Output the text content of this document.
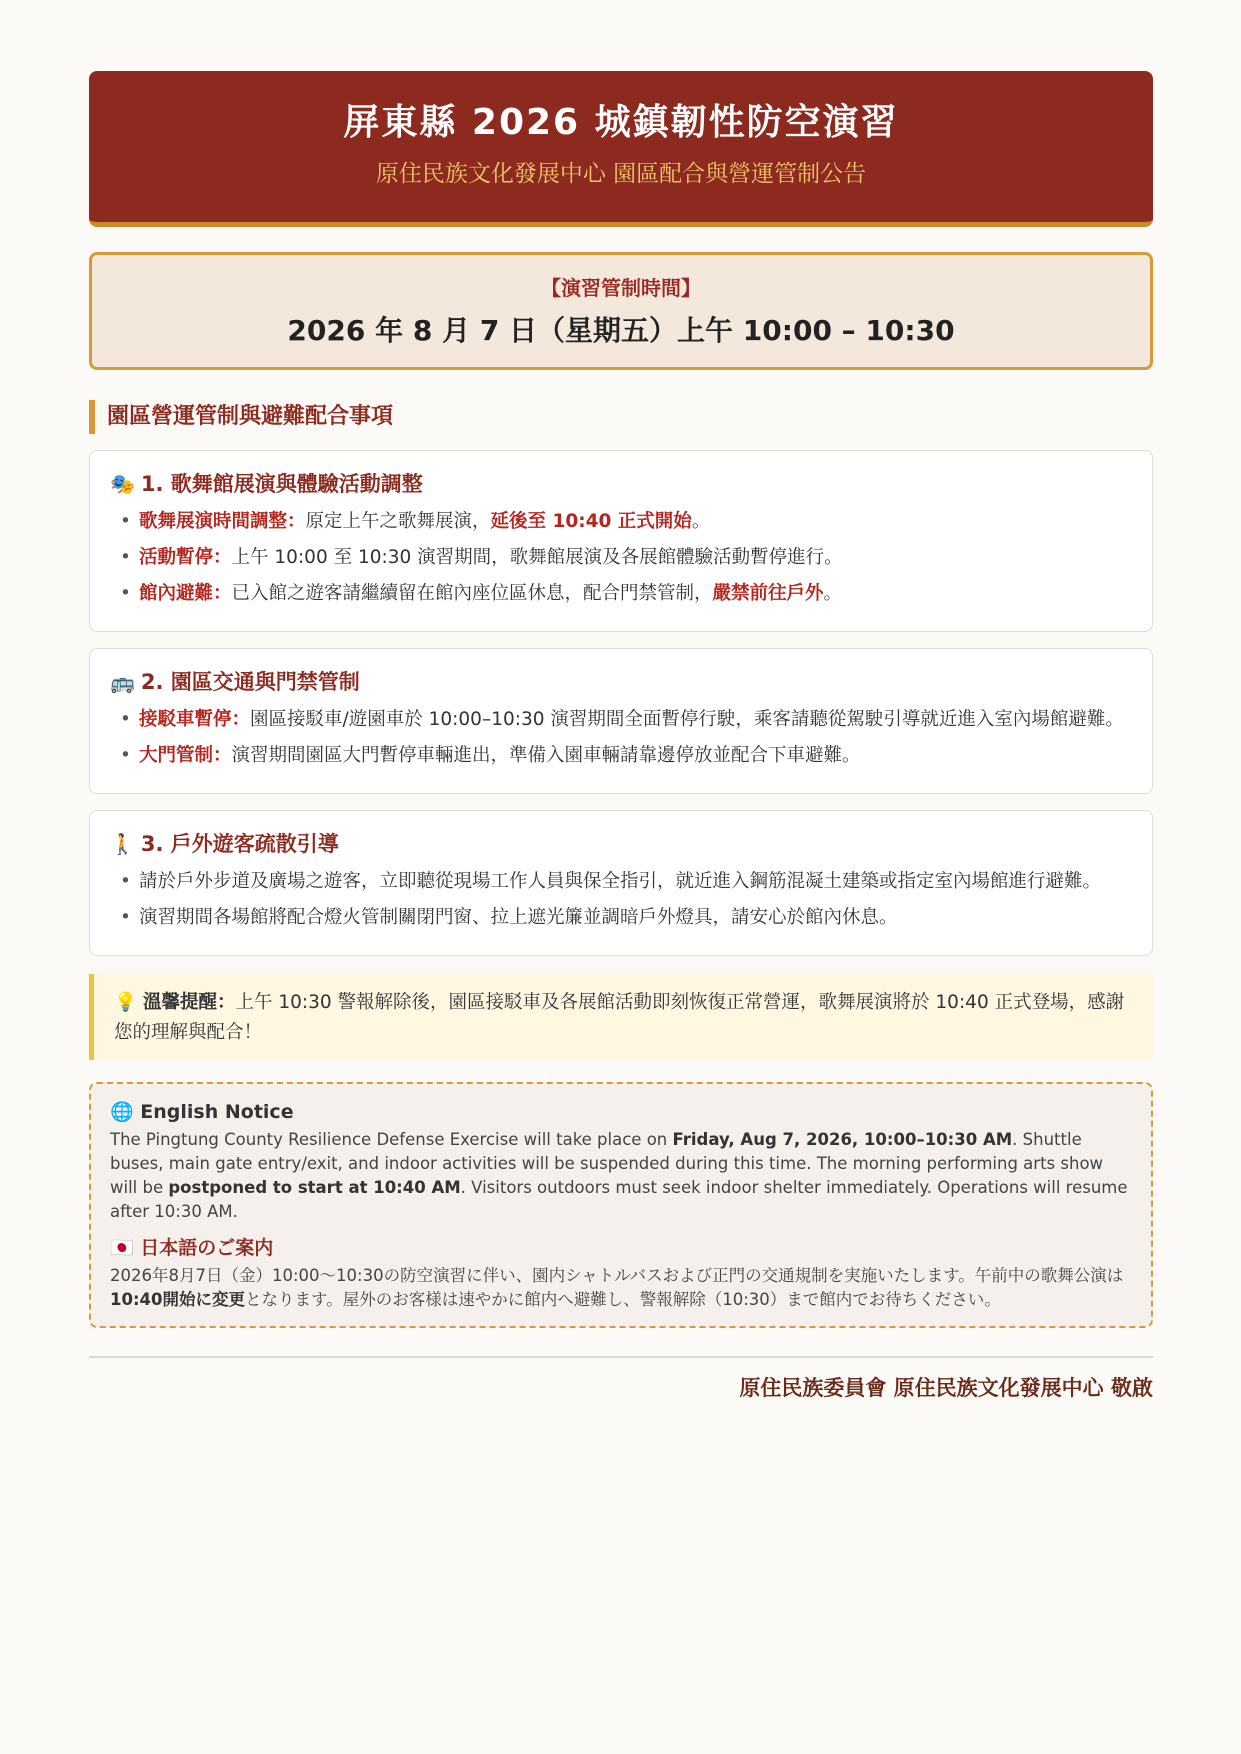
屏東縣 2026 城鎮韌性防空演習
原住民族文化發展中心 園區配合與營運管制公告
【演習管制時間】
2026 年 8 月 7 日（星期五）上午 10:00 – 10:30
園區營運管制與避難配合事項
🎭 1. 歌舞館展演與體驗活動調整
• 歌舞展演時間調整：原定上午之歌舞展演，延後至 10:40 正式開始。
• 活動暫停：上午 10:00 至 10:30 演習期間，歌舞館展演及各展館體驗活動暫停進行。
• 館內避難：已入館之遊客請繼續留在館內座位區休息，配合門禁管制，嚴禁前往戶外。
🚌 2. 園區交通與門禁管制
• 接駁車暫停：園區接駁車/遊園車於 10:00–10:30 演習期間全面暫停行駛，乘客請聽從駕駛引導就近進入室內場館避難。
• 大門管制：演習期間園區大門暫停車輛進出，準備入園車輛請靠邊停放並配合下車避難。
🚶 3. 戶外遊客疏散引導
• 請於戶外步道及廣場之遊客，立即聽從現場工作人員與保全指引，就近進入鋼筋混凝土建築或指定室內場館進行避難。
• 演習期間各場館將配合燈火管制關閉門窗、拉上遮光簾並調暗戶外燈具，請安心於館內休息。
💡 溫馨提醒：上午 10:30 警報解除後，園區接駁車及各展館活動即刻恢復正常營運，歌舞展演將於 10:40 正式登場，感謝您的理解與配合！
🌐 English Notice

The Pingtung County Resilience Defense Exercise will take place on Friday, Aug 7, 2026, 10:00–10:30 AM. Shuttle buses, main gate entry/exit, and indoor activities will be suspended during this time. The morning performing arts show will be postponed to start at 10:40 AM. Visitors outdoors must seek indoor shelter immediately. Operations will resume after 10:30 AM.

🇯🇵 日本語のご案内

2026年8月7日（金）10:00〜10:30の防空演習に伴い、園内シャトルバスおよび正門の交通規制を実施いたします。午前中の歌舞公演は10:40開始に変更となります。屋外のお客様は速やかに館内へ避難し、警報解除（10:30）まで館内でお待ちください。

原住民族委員會 原住民族文化發展中心 敬啟
